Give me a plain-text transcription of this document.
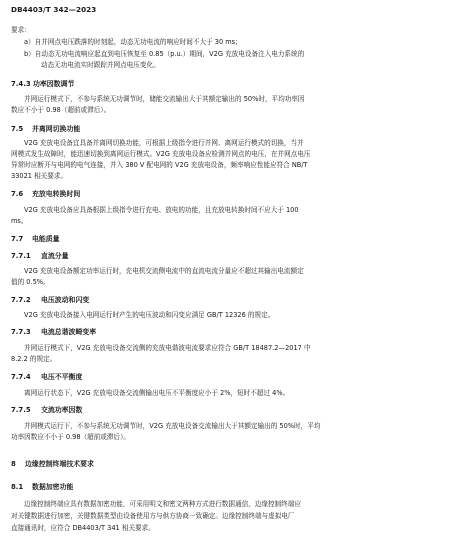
DB4403/T 342—2023
要求：
a）自并网点电压跌落的时刻起，动态无功电流的响应时间不大于 30 ms；
b）自动态无功电流响应起直到电压恢复至 0.85（p.u.）期间，V2G 充放电设备注入电力系统的
动态无功电流实时跟踪并网点电压变化。
7.4.3 功率因数调节
并网运行模式下，不参与系统无功调节时，储能交流输出大于其额定输出的 50%时，平均功率因
数应不小于 0.98（超前或滞后）。
7.5 并离网切换功能
V2G 充放电设备宜具备并离网切换功能，可根据上级指令进行并网、离网运行模式的切换，当并
网模式发生故障时，能迅速切换到离网运行模式。V2G 充放电设备应检测并网点的电压，在并网点电压
异常时应断开与电网的电气连接，并入 380 V 配电网的 V2G 充放电设备，频率响应性能应符合 NB/T
33021 相关要求。
7.6 充放电转换时间
V2G 充放电设备应具备根据上级指令进行充电、放电的功能，且充放电转换时间不应大于 100
ms。
7.7 电能质量
7.7.1 直流分量
V2G 充放电设备额定功率运行时，充电机交流侧电流中的直流电流分量应不超过其输出电流额定
值的 0.5%。
7.7.2 电压波动和闪变
V2G 充放电设备接入电网运行时产生的电压波动和闪变应满足 GB/T 12326 的规定。
7.7.3 电流总谐波畸变率
并网运行模式下，V2G 充放电设备交流侧的充放电谐波电流要求应符合 GB/T 18487.2—2017 中
8.2.2 的规定。
7.7.4 电压不平衡度
离网运行状态下，V2G 充放电设备交流侧输出电压不平衡度应小于 2%，短时不超过 4%。
7.7.5 交流功率因数
并网模式运行下，不参与系统无功调节时，V2G 充放电设备交流输出大于其额定输出的 50%时，平均
功率因数应不小于 0.98（超前或滞后）。
8 边缘控制终端技术要求
8.1 数据加密功能
边缘控制终端应具有数据加密功能，可采用明文和密文两种方式进行数据通信，边缘控制终端应
对关键数据进行加密，关键数据类型由设备使用方与供方协商一致确定。边缘控制终端与虚拟电厂
直接通讯时，应符合 DB4403/T 341 相关要求。
